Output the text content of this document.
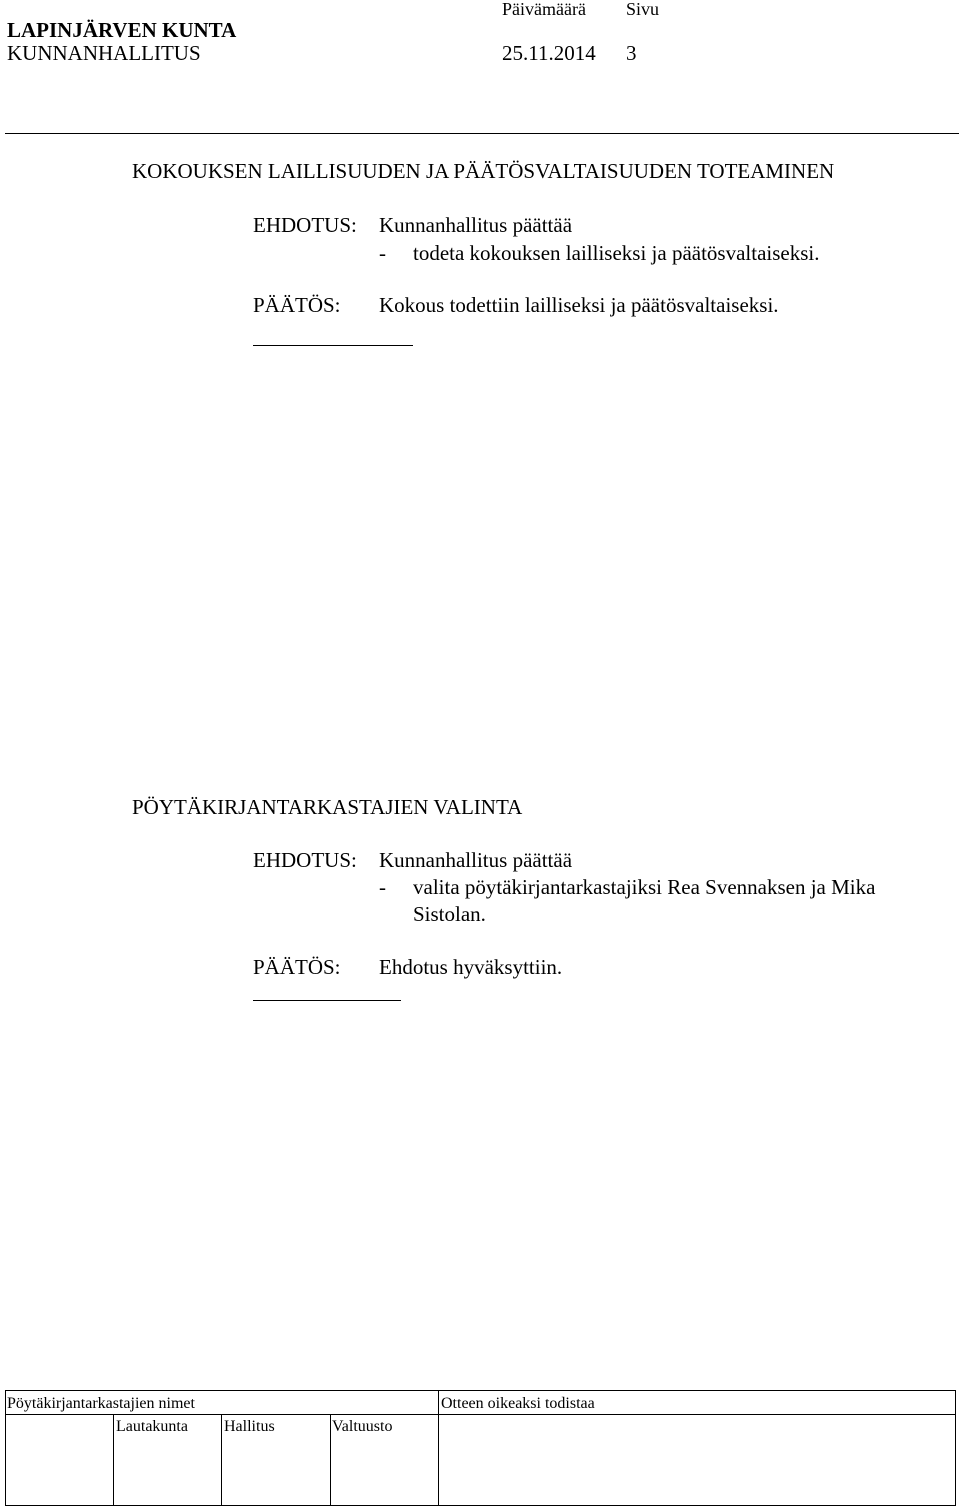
LAPINJÄRVEN KUNTA
KUNNANHALLITUS
Päivämäärä Sivu
25.11.2014 3
KOKOUKSEN LAILLISUUDEN JA PÄÄTÖSVALTAISUUDEN TOTEAMINEN
EHDOTUS: Kunnanhallitus päättää
- todeta kokouksen lailliseksi ja päätösvaltaiseksi.
PÄÄTÖS: Kokous todettiin lailliseksi ja päätösvaltaiseksi.
PÖYTÄKIRJANTARKASTAJIEN VALINTA
EHDOTUS: Kunnanhallitus päättää
- valita pöytäkirjantarkastajiksi Rea Svennaksen ja Mika
Sistolan.
PÄÄTÖS: Ehdotus hyväksyttiin.
Pöytäkirjantarkastajien nimet	Otteen oikeaksi todistaa
Lautakunta Hallitus	Valtuusto
